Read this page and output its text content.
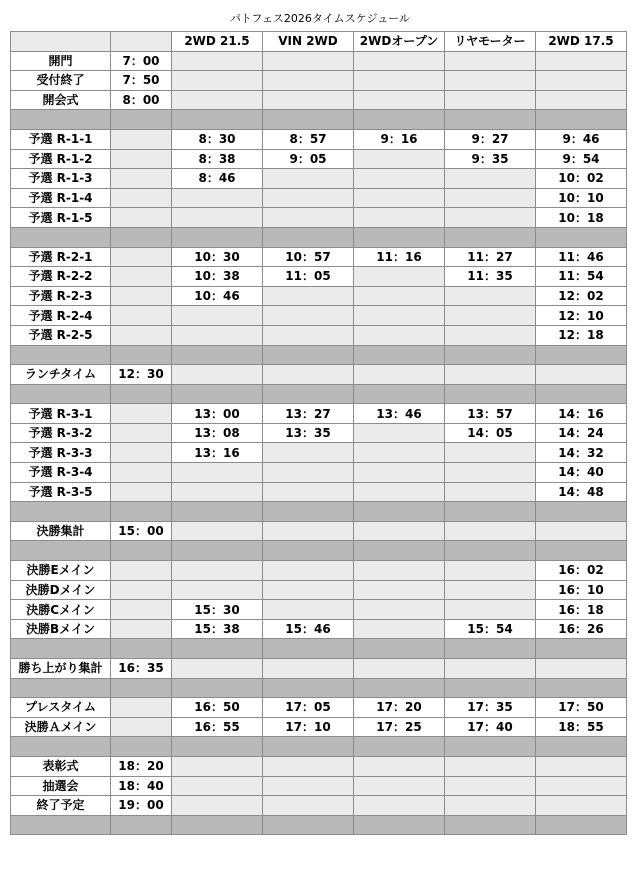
パトフェス2026タイムスケジュール
		2WD 21.5	VIN 2WD	2WDオープン	リヤモーター	2WD 17.5
開門	7：00					
受付終了	7：50					
開会式	8：00					

予選 R-1-1		8：30	8：57	9：16	9：27	9：46
予選 R-1-2		8：38	9：05		9：35	9：54
予選 R-1-3		8：46				10：02
予選 R-1-4						10：10
予選 R-1-5						10：18

予選 R-2-1		10：30	10：57	11：16	11：27	11：46
予選 R-2-2		10：38	11：05		11：35	11：54
予選 R-2-3		10：46				12：02
予選 R-2-4						12：10
予選 R-2-5						12：18

ランチタイム	12：30					

予選 R-3-1		13：00	13：27	13：46	13：57	14：16
予選 R-3-2		13：08	13：35		14：05	14：24
予選 R-3-3		13：16				14：32
予選 R-3-4						14：40
予選 R-3-5						14：48

決勝集計	15：00					

決勝Eメイン						16：02
決勝Dメイン						16：10
決勝Cメイン		15：30				16：18
決勝Bメイン		15：38	15：46		15：54	16：26

勝ち上がり集計	16：35					

プレスタイム		16：50	17：05	17：20	17：35	17：50
決勝Ａメイン		16：55	17：10	17：25	17：40	18：55

表彰式	18：20					
抽選会	18：40					
終了予定	19：00					
